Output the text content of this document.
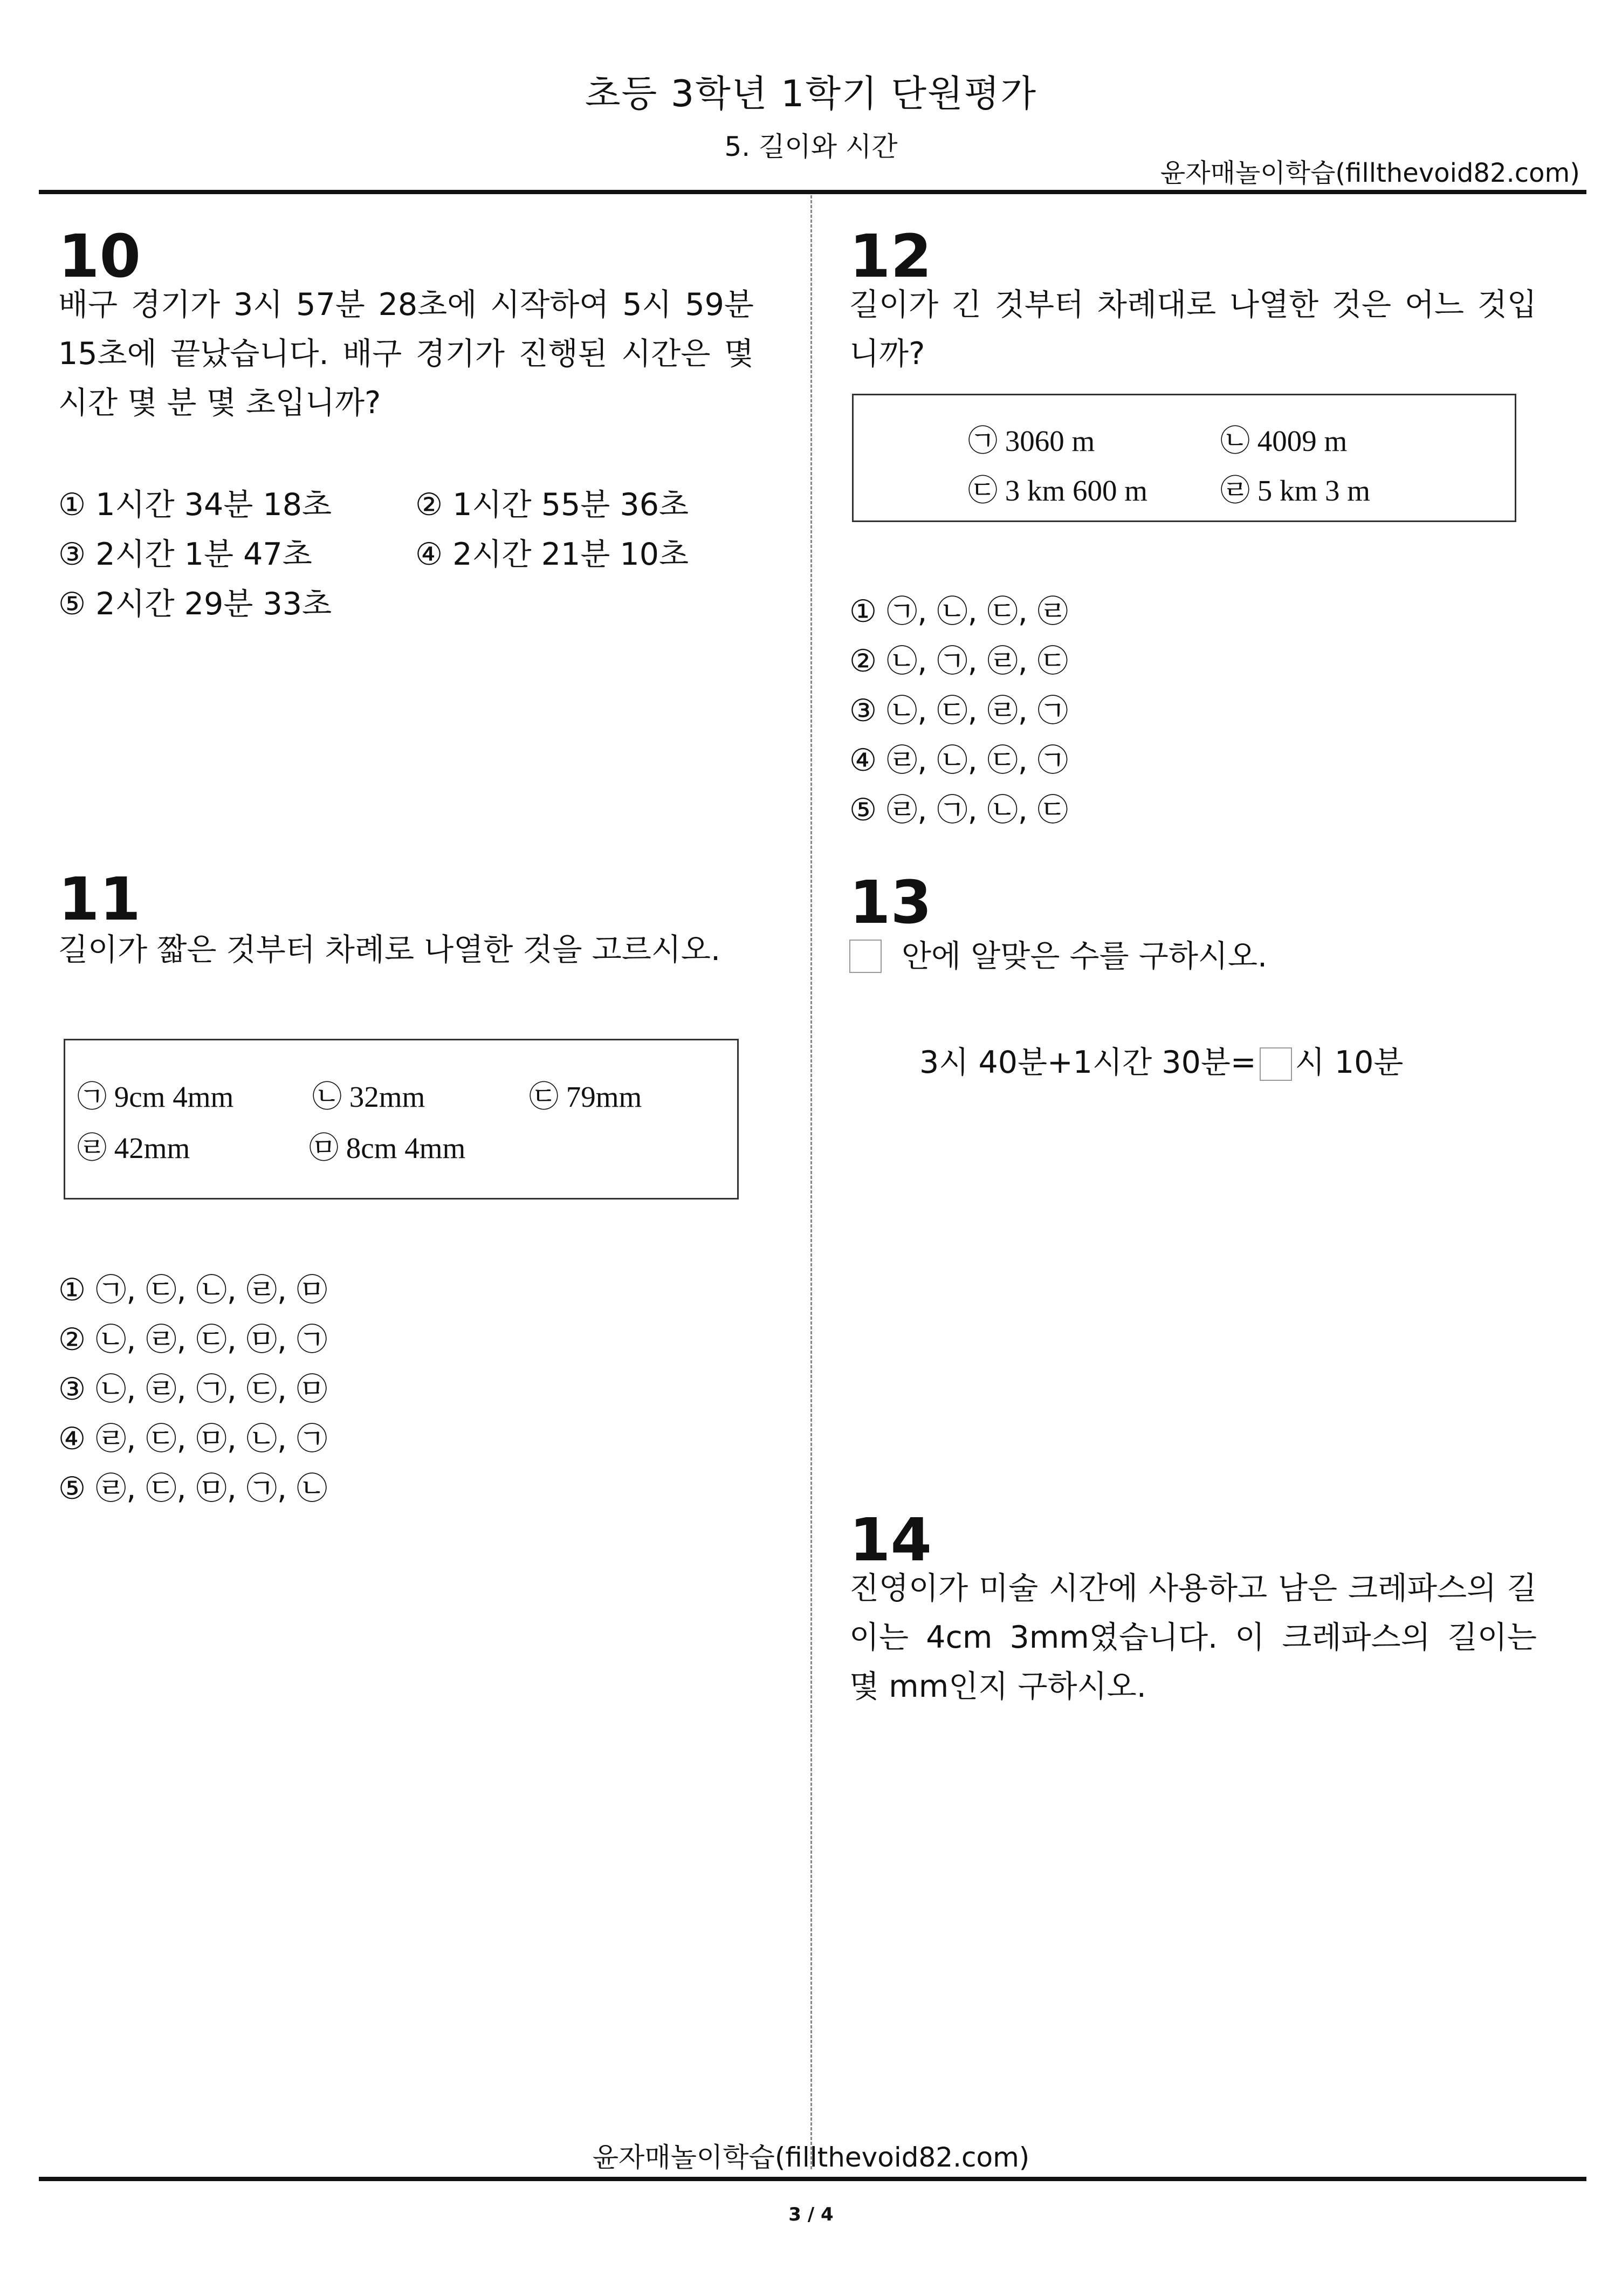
초등 3학년 1학기 단원평가
5. 길이와 시간
윤자매놀이학습(fillthevoid82.com)
10
배구 경기가 3시 57분 28초에 시작하여 5시 59분 15초에 끝났습니다. 배구 경기가 진행된 시간은 몇 시간 몇 분 몇 초입니까?
① 1시간 34분 18초	② 1시간 55분 36초
③ 2시간 1분 47초	④ 2시간 21분 10초
⑤ 2시간 29분 33초
11
길이가 짧은 것부터 차례로 나열한 것을 고르시오.
㉠ 9cm 4mm	㉡ 32mm	㉢ 79mm
㉣ 42mm	㉤ 8cm 4mm
① ㉠, ㉢, ㉡, ㉣, ㉤
② ㉡, ㉣, ㉢, ㉤, ㉠
③ ㉡, ㉣, ㉠, ㉢, ㉤
④ ㉣, ㉢, ㉤, ㉡, ㉠
⑤ ㉣, ㉢, ㉤, ㉠, ㉡
12
길이가 긴 것부터 차례대로 나열한 것은 어느 것입니까?
㉠ 3060 m	㉡ 4009 m
㉢ 3 km 600 m ㉣ 5 km 3 m
① ㉠, ㉡, ㉢, ㉣
② ㉡, ㉠, ㉣, ㉢
③ ㉡, ㉢, ㉣, ㉠
④ ㉣, ㉡, ㉢, ㉠
⑤ ㉣, ㉠, ㉡, ㉢
13
안에 알맞은 수를 구하시오.
3시 40분+1시간 30분= 시 10분
14
진영이가 미술 시간에 사용하고 남은 크레파스의 길이는 4cm 3mm였습니다. 이 크레파스의 길이는 몇 mm인지 구하시오.
윤자매놀이학습(fillthevoid82.com)
3 / 4
